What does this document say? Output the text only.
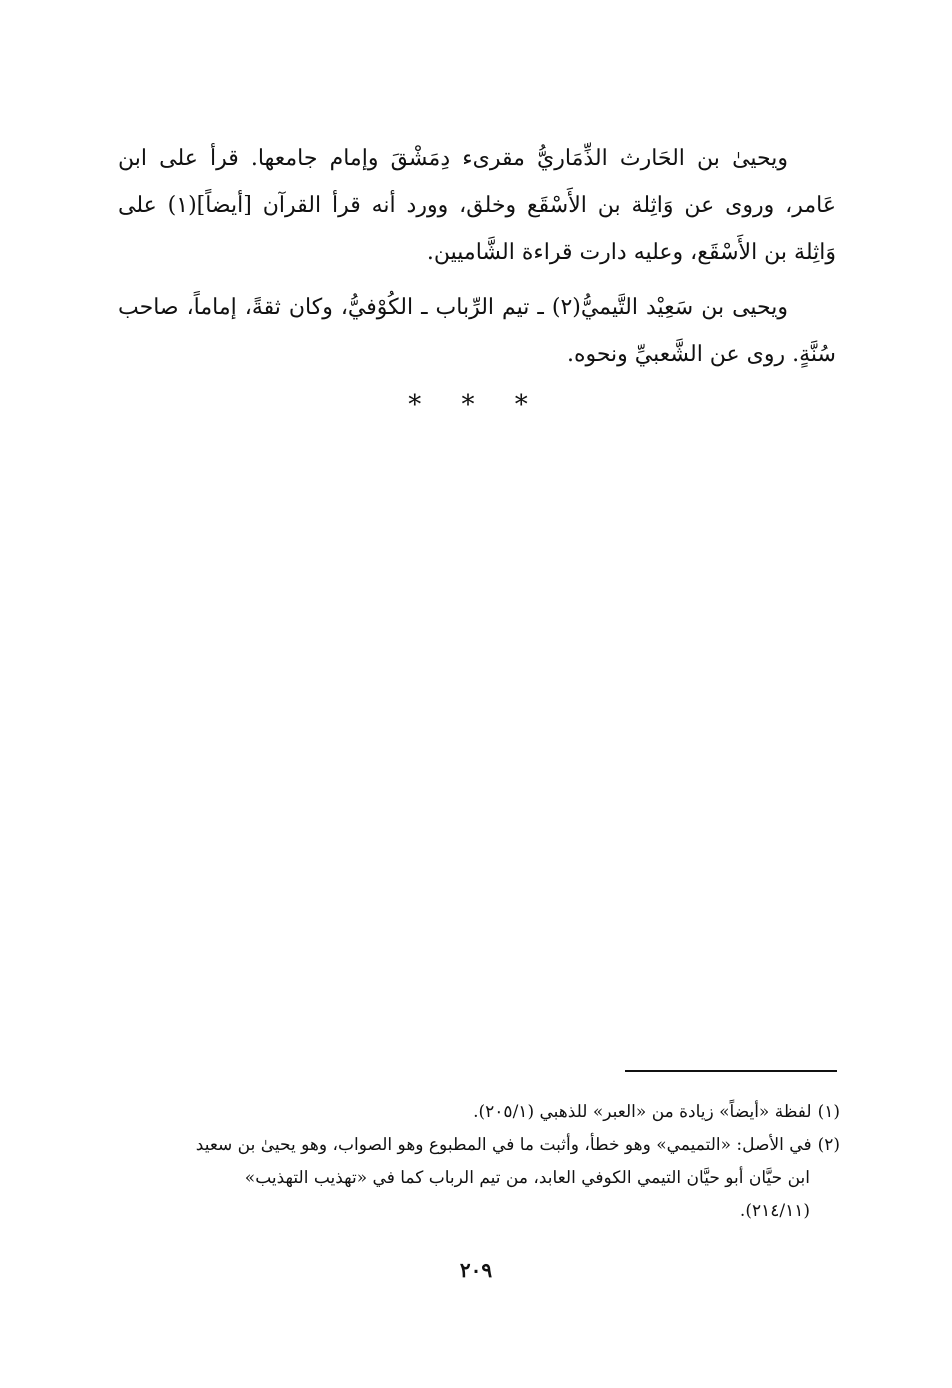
ويحيىٰ بن الحَارث الذِّمَاريُّ مقرىء دِمَشْقَ وإمام جامعها. قرأ على ابن عَامر، وروى عن وَاثِلة بن الأَسْقَع وخلق، وورد أنه قرأ القرآن [أيضاً](١) على وَاثِلة بن الأَسْقَع، وعليه دارت قراءة الشَّاميين.

ويحيى بن سَعِيْد التَّيميُّ(٢) ـ تيم الرِّباب ـ الكُوْفيُّ، وكان ثقةً، إماماً، صاحب سُنَّةٍ. روى عن الشَّعبيِّ ونحوه.

* * *

(١)لفظة «أيضاً» زيادة من «العبر» للذهبي (٢٠٥/١).

(٢)في الأصل: «التميمي» وهو خطأ، وأثبت ما في المطبوع وهو الصواب، وهو يحيىٰ بن سعيد
ابن حيَّان أبو حيَّان التيمي الكوفي العابد، من تيم الرباب كما في «تهذيب التهذيب»
(٢١٤/١١).

٢٠٩
